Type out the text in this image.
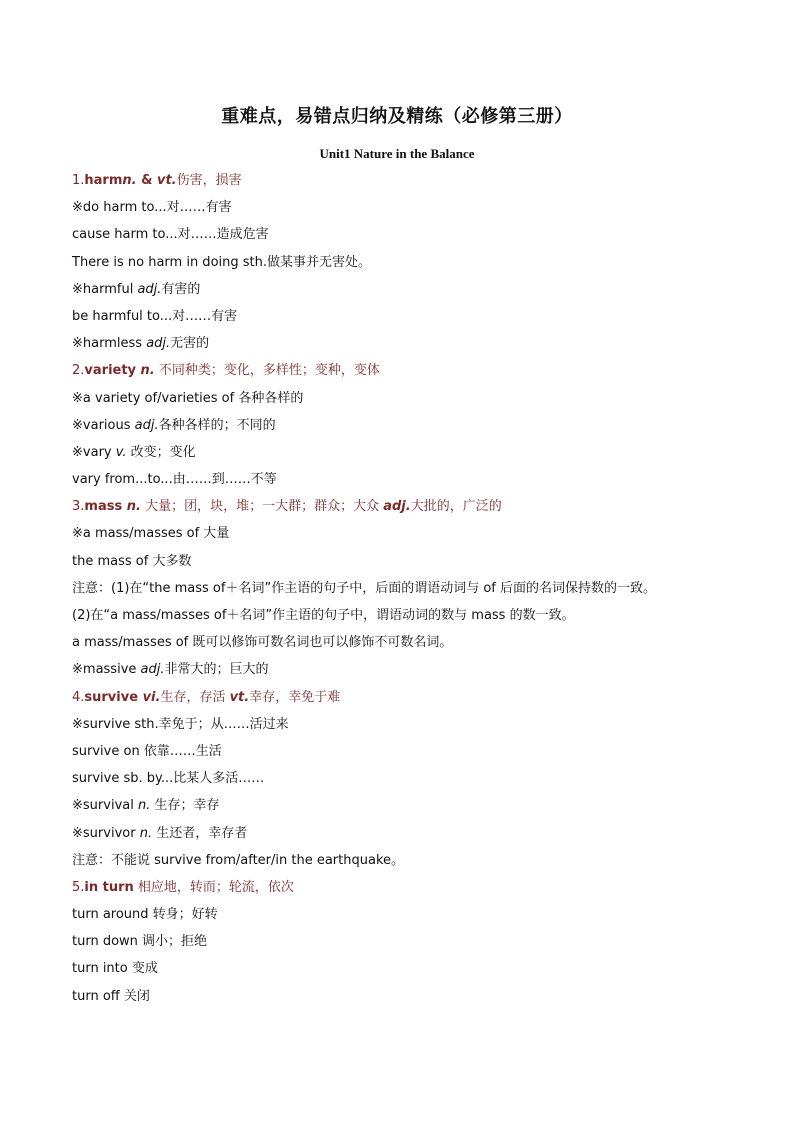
重难点，易错点归纳及精练（必修第三册）
Unit1 Nature in the Balance
1.harmn. & vt.伤害，损害
※do harm to...对……有害
cause harm to...对……造成危害
There is no harm in doing sth.做某事并无害处。
※harmful adj.有害的
be harmful to...对……有害
※harmless adj.无害的
2.variety n. 不同种类；变化，多样性；变种，变体
※a variety of/varieties of 各种各样的
※various adj.各种各样的；不同的
※vary v. 改变；变化
vary from...to...由……到……不等
3.mass n. 大量；团，块，堆；一大群；群众；大众 adj.大批的，广泛的
※a mass/masses of 大量
the mass of 大多数
注意：(1)在“the mass of＋名词”作主语的句子中，后面的谓语动词与 of 后面的名词保持数的一致。
(2)在“a mass/masses of＋名词”作主语的句子中，谓语动词的数与 mass 的数一致。
a mass/masses of 既可以修饰可数名词也可以修饰不可数名词。
※massive adj.非常大的；巨大的
4.survive vi.生存，存活 vt.幸存，幸免于难
※survive sth.幸免于；从……活过来
survive on 依靠……生活
survive sb. by...比某人多活……
※survival n. 生存；幸存
※survivor n. 生还者，幸存者
注意：不能说 survive from/after/in the earthquake。
5.in turn 相应地，转而；轮流，依次
turn around 转身；好转
turn down 调小；拒绝
turn into 变成
turn off 关闭
